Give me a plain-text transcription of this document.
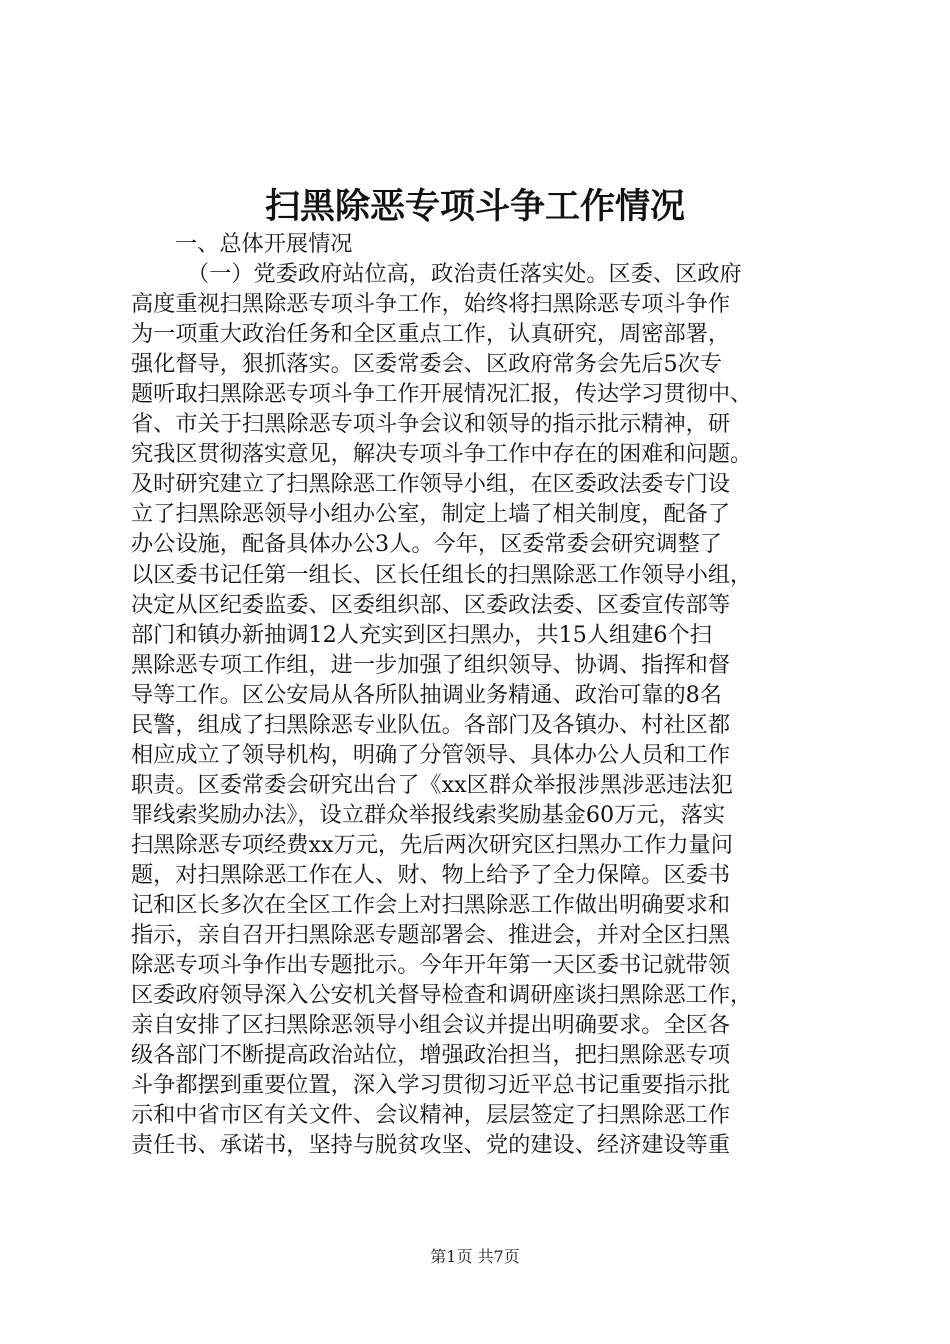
扫黑除恶专项斗争工作情况
一、总体开展情况
（一）党委政府站位高，政治责任落实处。区委、区政府
高度重视扫黑除恶专项斗争工作，始终将扫黑除恶专项斗争作
为一项重大政治任务和全区重点工作，认真研究，周密部署，
强化督导，狠抓落实。区委常委会、区政府常务会先后5次专
题听取扫黑除恶专项斗争工作开展情况汇报，传达学习贯彻中、
省、市关于扫黑除恶专项斗争会议和领导的指示批示精神，研
究我区贯彻落实意见，解决专项斗争工作中存在的困难和问题。
及时研究建立了扫黑除恶工作领导小组，在区委政法委专门设
立了扫黑除恶领导小组办公室，制定上墙了相关制度，配备了
办公设施，配备具体办公3人。今年，区委常委会研究调整了
以区委书记任第一组长、区长任组长的扫黑除恶工作领导小组，
决定从区纪委监委、区委组织部、区委政法委、区委宣传部等
部门和镇办新抽调12人充实到区扫黑办，共15人组建6个扫
黑除恶专项工作组，进一步加强了组织领导、协调、指挥和督
导等工作。区公安局从各所队抽调业务精通、政治可靠的8名
民警，组成了扫黑除恶专业队伍。各部门及各镇办、村社区都
相应成立了领导机构，明确了分管领导、具体办公人员和工作
职责。区委常委会研究出台了《xx区群众举报涉黑涉恶违法犯
罪线索奖励办法》，设立群众举报线索奖励基金60万元，落实
扫黑除恶专项经费xx万元，先后两次研究区扫黑办工作力量问
题，对扫黑除恶工作在人、财、物上给予了全力保障。区委书
记和区长多次在全区工作会上对扫黑除恶工作做出明确要求和
指示，亲自召开扫黑除恶专题部署会、推进会，并对全区扫黑
除恶专项斗争作出专题批示。今年开年第一天区委书记就带领
区委政府领导深入公安机关督导检查和调研座谈扫黑除恶工作，
亲自安排了区扫黑除恶领导小组会议并提出明确要求。全区各
级各部门不断提高政治站位，增强政治担当，把扫黑除恶专项
斗争都摆到重要位置，深入学习贯彻习近平总书记重要指示批
示和中省市区有关文件、会议精神，层层签定了扫黑除恶工作
责任书、承诺书，坚持与脱贫攻坚、党的建设、经济建设等重
第1页 共7页
